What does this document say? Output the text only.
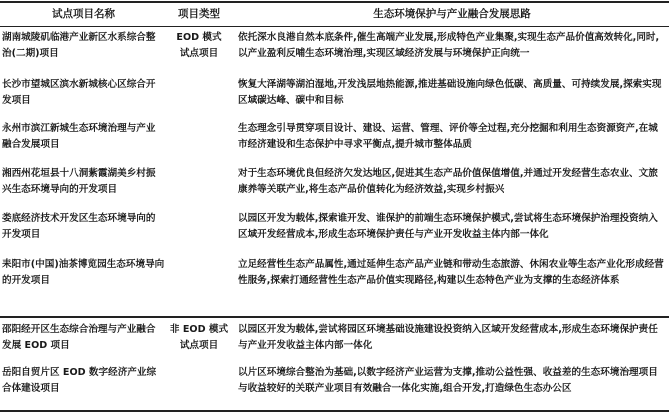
试点项目名称	项目类型	生态环境保护与产业融合发展思路
湖南城陵矶临港产业新区水系综合整治(二期)项目
EOD 模式
试点项目
依托深水良港自然本底条件,催生高端产业发展,形成特色产业集聚,实现生态产品价值高效转化,同时,以产业盈利反哺生态环境治理,实现区域经济发展与环境保护正向统一
长沙市望城区滨水新城核心区综合开发项目
恢复大泽湖等湖泊湿地,开发浅层地热能源,推进基础设施向绿色低碳、高质量、可持续发展,探索实现区域碳达峰、碳中和目标
永州市滨江新城生态环境治理与产业融合发展项目
生态理念引导贯穿项目设计、建设、运营、管理、评价等全过程,充分挖掘和利用生态资源资产,在城市经济建设和生态保护中寻求平衡点,提升城市整体品质
湘西州花垣县十八洞紫霞湖美乡村振兴生态环境导向的开发项目
对于生态环境优良但经济欠发达地区,促进其生态产品价值保值增值,并通过开发经营生态农业、文旅康养等关联产业,将生态产品价值转化为经济效益,实现乡村振兴
娄底经济技术开发区生态环境导向的开发项目
以园区开发为载体,探索谁开发、谁保护的前端生态环境保护模式,尝试将生态环境保护治理投资纳入区域开发经营成本,形成生态环境保护责任与产业开发收益主体内部一体化
耒阳市(中国)油茶博览园生态环境导向的开发项目
立足经营性生态产品属性,通过延伸生态产品产业链和带动生态旅游、休闲农业等生态产业化形成经营性服务,探索打通经营性生态产品价值实现路径,构建以生态特色产业为支撑的生态经济体系
邵阳经开区生态综合治理与产业融合发展 EOD 项目
非 EOD 模式
试点项目
以园区开发为载体,尝试将园区环境基础设施建设投资纳入区域开发经营成本,形成生态环境保护责任与产业开发收益主体内部一体化
岳阳自贸片区 EOD 数字经济产业综合体建设项目
以片区环境综合整治为基础,以数字经济产业运营为支撑,推动公益性强、收益差的生态环境治理项目与收益较好的关联产业项目有效融合一体化实施,组合开发,打造绿色生态办公区
